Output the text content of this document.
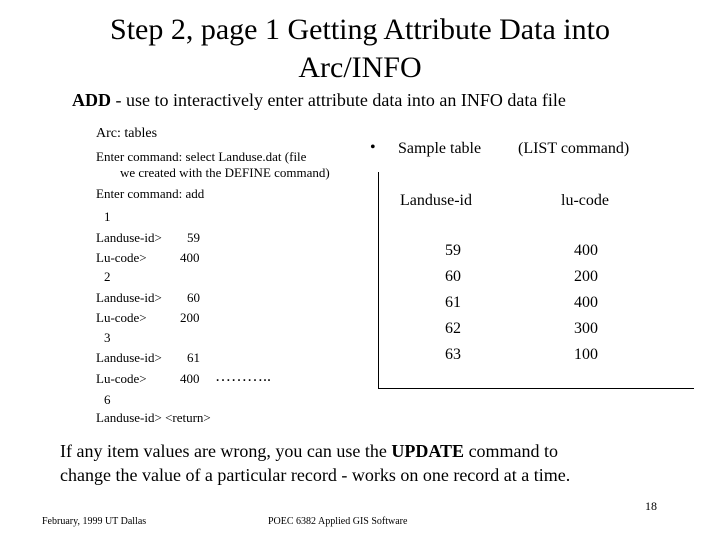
Step 2, page 1 Getting Attribute Data into
Arc/INFO
ADD - use to interactively enter attribute data into an INFO data file
Arc: tables
Enter command: select Landuse.dat (file
we created with the DEFINE command)
Enter command: add
1
Landuse-id> 59
Lu-code>	400
2
Landuse-id> 60
Lu-code>	200
3
Landuse-id> 61
Lu-code>	400 ………..
6
Landuse-id> <return>
• Sample table (LIST command)
Landuse-id	lu-code
59	400
60	200
61	400
62	300
63	100
If any item values are wrong, you can use the UPDATE command to
change the value of a particular record - works on one record at a time.
18
February, 1999 UT Dallas	POEC 6382 Applied GIS Software
